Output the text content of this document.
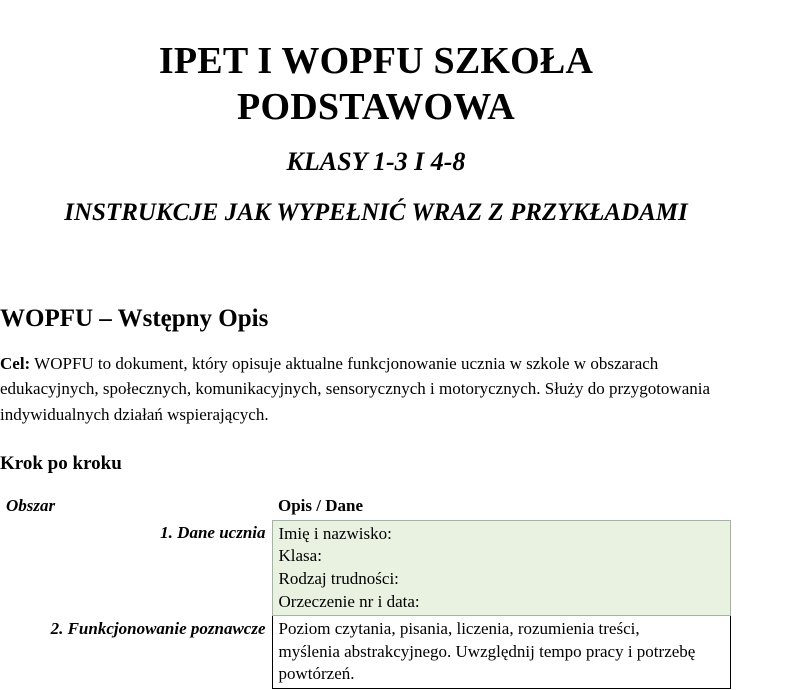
IPET I WOPFU SZKOŁA
PODSTAWOWA
KLASY 1-3 I 4-8
INSTRUKCJE JAK WYPEŁNIĆ WRAZ Z PRZYKŁADAMI
WOPFU – Wstępny Opis

Cel: WOPFU to dokument, który opisuje aktualne funkcjonowanie ucznia w szkole w obszarach edukacyjnych, społecznych, komunikacyjnych, sensorycznych i motorycznych. Służy do przygotowania indywidualnych działań wspierających.

Krok po kroku
Obszar	Opis / Dane
1. Dane ucznia	Imię i nazwisko:
Klasa:
Rodzaj trudności:
Orzeczenie nr i data:

2. Funkcjonowanie poznawcze	Poziom czytania, pisania, liczenia, rozumienia treści,
myślenia abstrakcyjnego. Uwzględnij tempo pracy i potrzebę
powtórzeń.
